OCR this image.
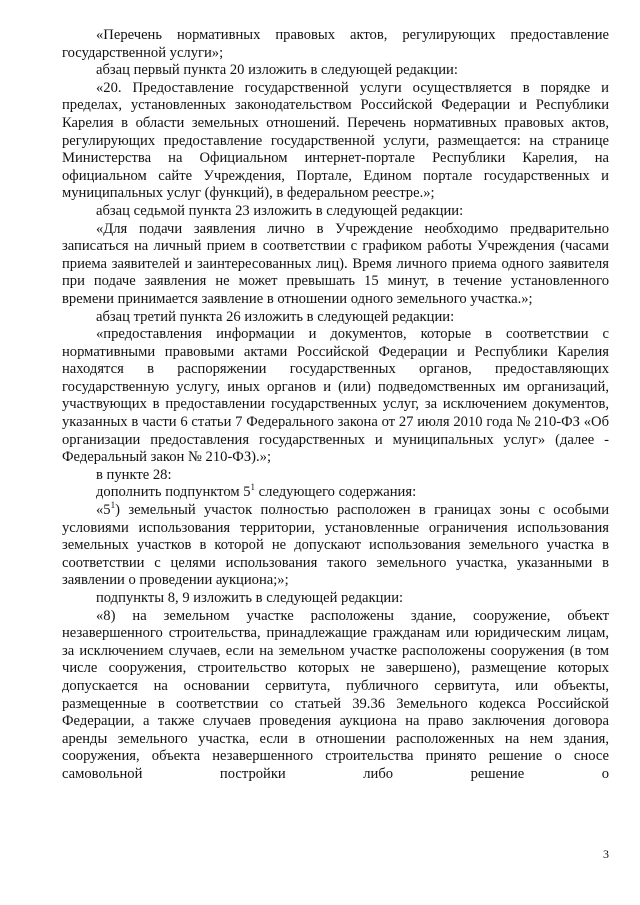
«Перечень нормативных правовых актов, регулирующих предоставление государственной услуги»;

абзац первый пункта 20 изложить в следующей редакции:

«20. Предоставление государственной услуги осуществляется в порядке и пределах, установленных законодательством Российской Федерации и Республики Карелия в области земельных отношений. Перечень нормативных правовых актов, регулирующих предоставление государственной услуги, размещается: на странице Министерства на Официальном интернет-портале Республики Карелия, на официальном сайте Учреждения, Портале, Едином портале государственных и муниципальных услуг (функций), в федеральном реестре.»;

абзац седьмой пункта 23 изложить в следующей редакции:

«Для подачи заявления лично в Учреждение необходимо предварительно записаться на личный прием в соответствии с графиком работы Учреждения (часами приема заявителей и заинтересованных лиц). Время личного приема одного заявителя при подаче заявления не может превышать 15 минут, в течение установленного времени принимается заявление в отношении одного земельного участка.»;

абзац третий пункта 26 изложить в следующей редакции:

«предоставления информации и документов, которые в соответствии с нормативными правовыми актами Российской Федерации и Республики Карелия находятся в распоряжении государственных органов, предоставляющих государственную услугу, иных органов и (или) подведомственных им организаций, участвующих в предоставлении государственных услуг, за исключением документов, указанных в части 6 статьи 7 Федерального закона от 27 июля 2010 года № 210-ФЗ «Об организации предоставления государственных и муниципальных услуг» (далее - Федеральный закон № 210-ФЗ).»;

в пункте 28:

дополнить подпунктом $5^1$ следующего содержания:

«$5^1$) земельный участок полностью расположен в границах зоны с особыми условиями использования территории, установленные ограничения использования земельных участков в которой не допускают использования земельного участка в соответствии с целями использования такого земельного участка, указанными в заявлении о проведении аукциона;»;

подпункты 8, 9 изложить в следующей редакции:

«8) на земельном участке расположены здание, сооружение, объект незавершенного строительства, принадлежащие гражданам или юридическим лицам, за исключением случаев, если на земельном участке расположены сооружения (в том числе сооружения, строительство которых не завершено), размещение которых допускается на основании сервитута, публичного сервитута, или объекты, размещенные в соответствии со статьей 39.36 Земельного кодекса Российской Федерации, а также случаев проведения аукциона на право заключения договора аренды земельного участка, если в отношении расположенных на нем здания, сооружения, объекта незавершенного строительства принято решение о сносе самовольной постройки либо решение о

3
